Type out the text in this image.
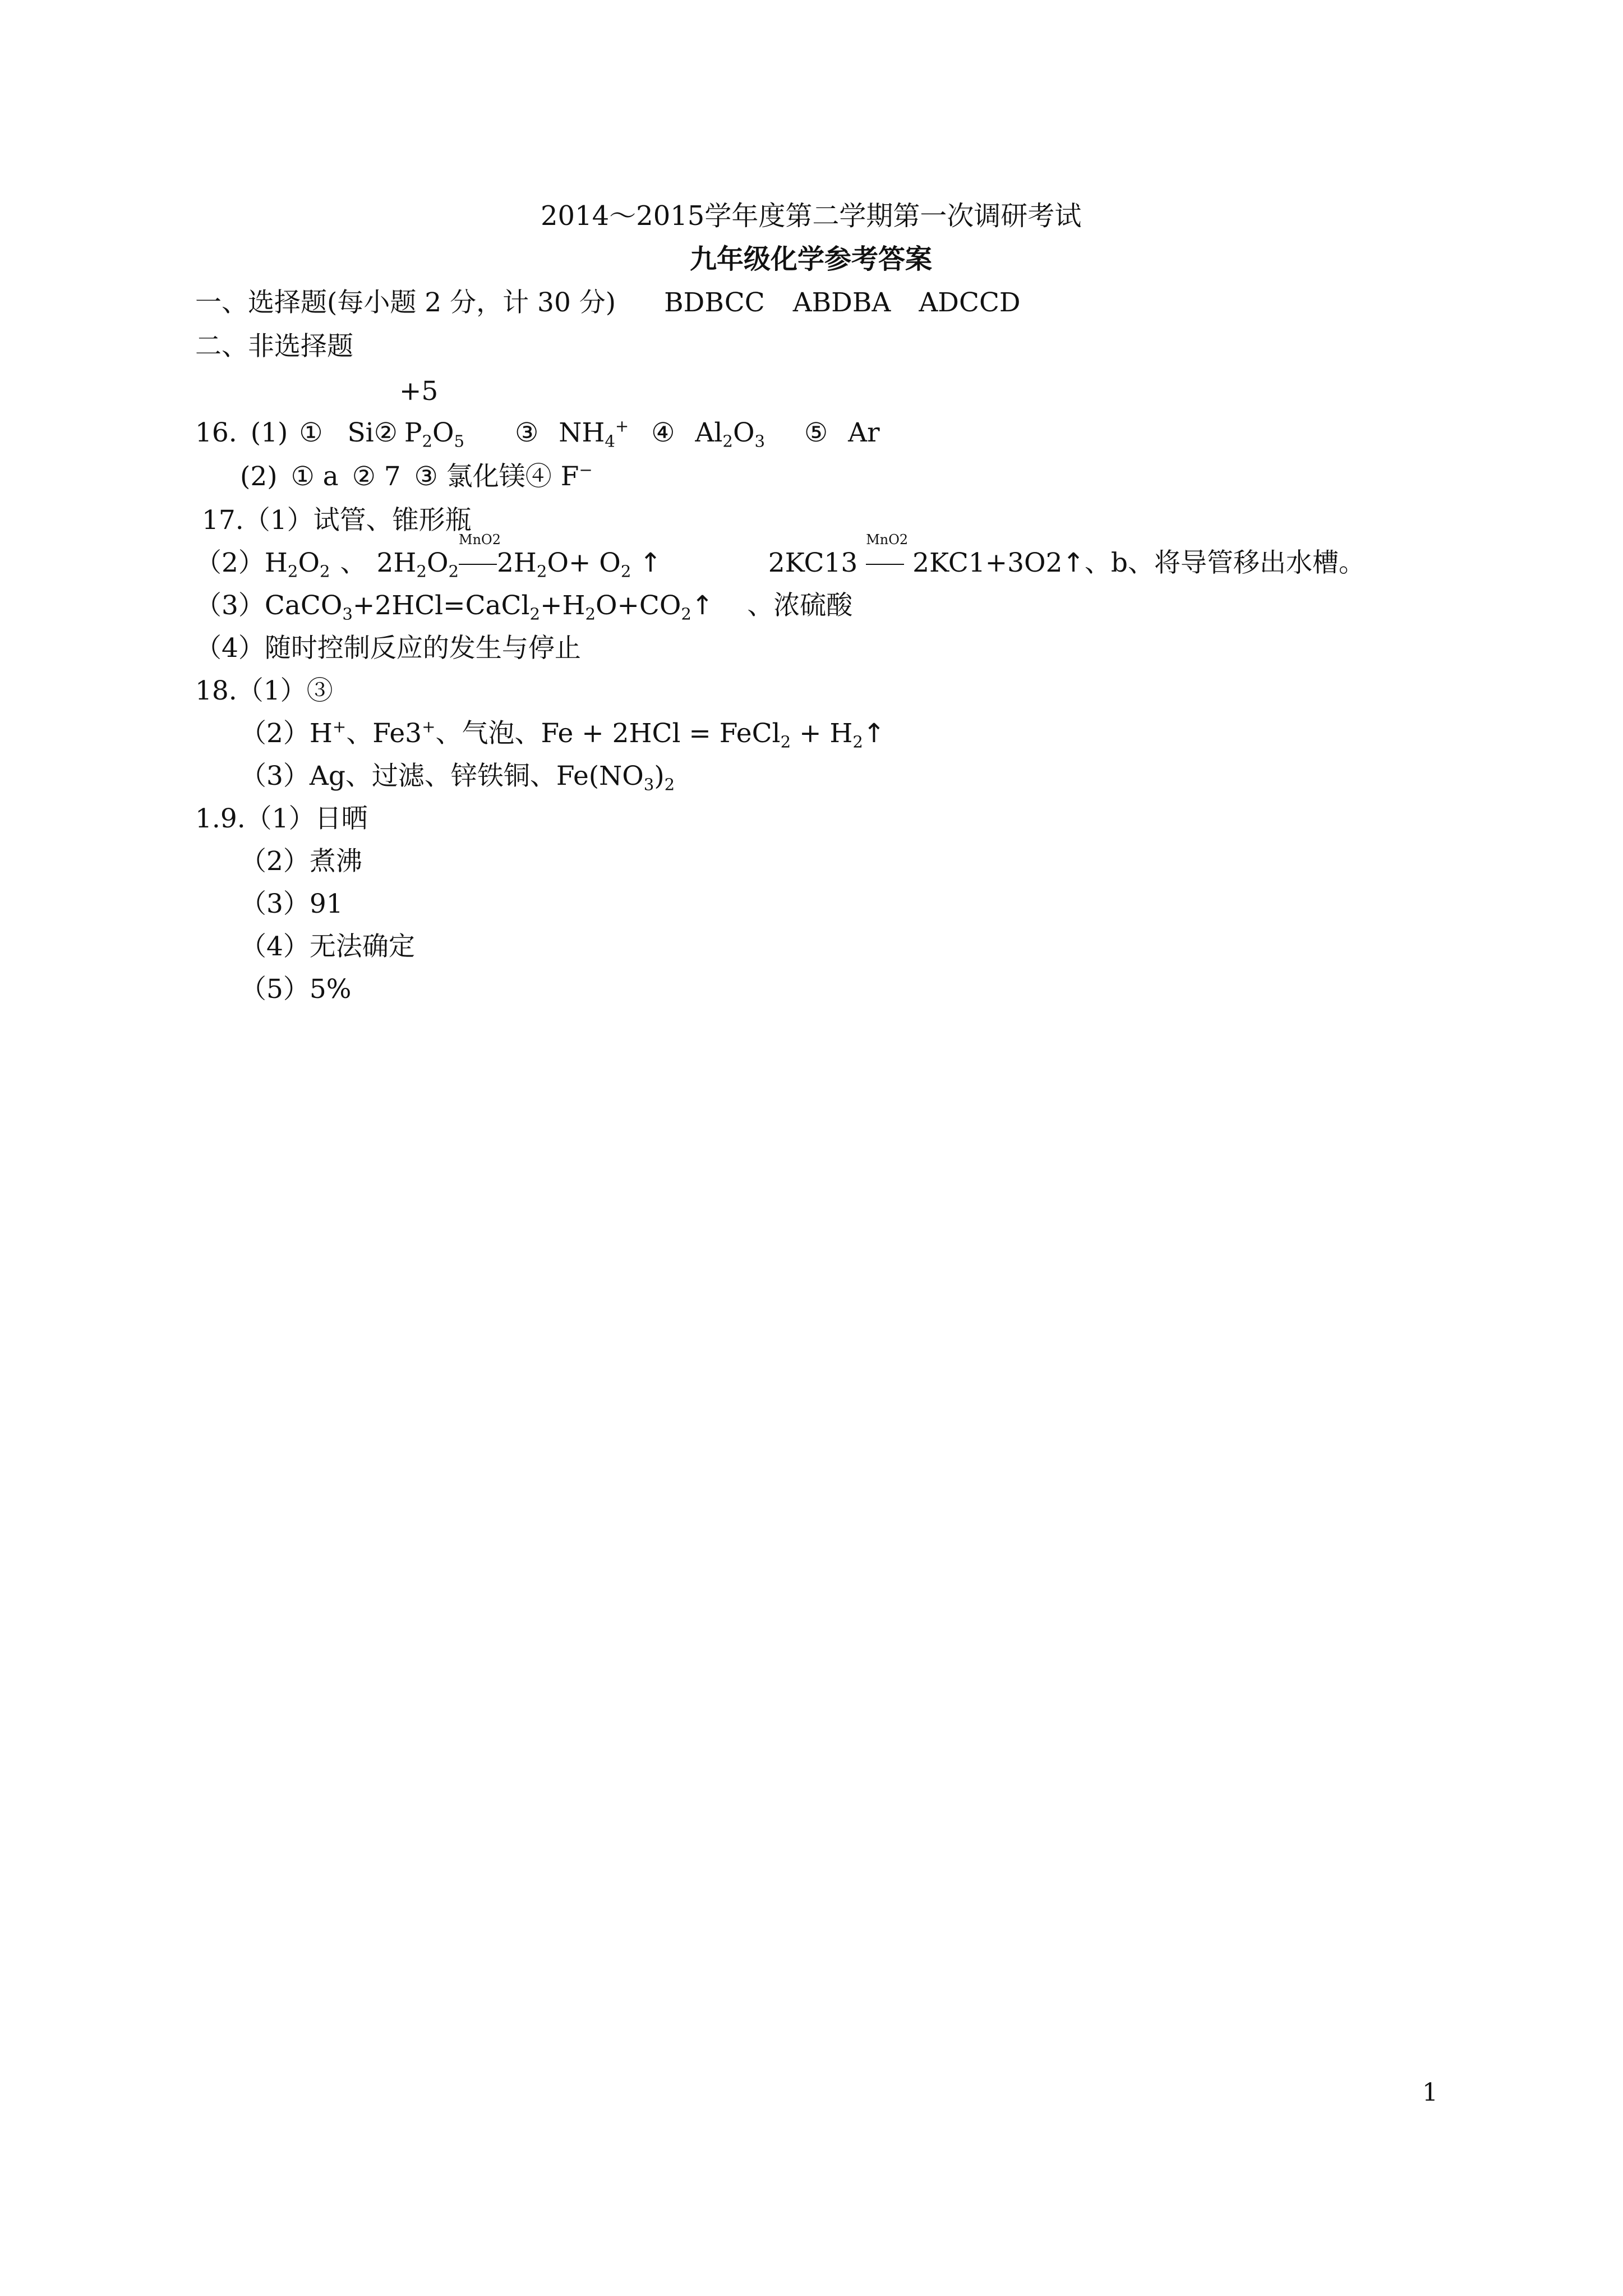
2014～2015学年度第二学期第一次调研考试
九年级化学参考答案
一、选择题(每小题 2 分，计 30 分) BDBCC ABDBA ADCCD
二、非选择题
+5
16. (1) ① Si② $P_2O_5$ ③ $NH_4^+$ ④ $Al_2O_3$ ⑤ Ar
(2) ① a ② 7 ③ 氯化镁④ F−
17.（1）试管、锥形瓶
$(2)H_2O_2$ 、 $2H_2O_2$
MnO2
$2H_2O+ O_2$ ↑	2KC13
MnO2
2KC1+3O2↑、b、将导管移出水槽。
$(3)CaCO_3+2HCl=CaCl_2+H_2O+CO_2↑$ 、浓硫酸
（4）随时控制反应的发生与停止
18.（1）③
（2）H+、Fe3+、气泡、Fe + 2HCl = FeCl$_2$ + $H_2↑$
（3）Ag、过滤、锌铁铜、$Fe(NO_3)_2$
1.9.（1）日晒
（2）煮沸
（3）91
（4）无法确定
（5）5%
1
